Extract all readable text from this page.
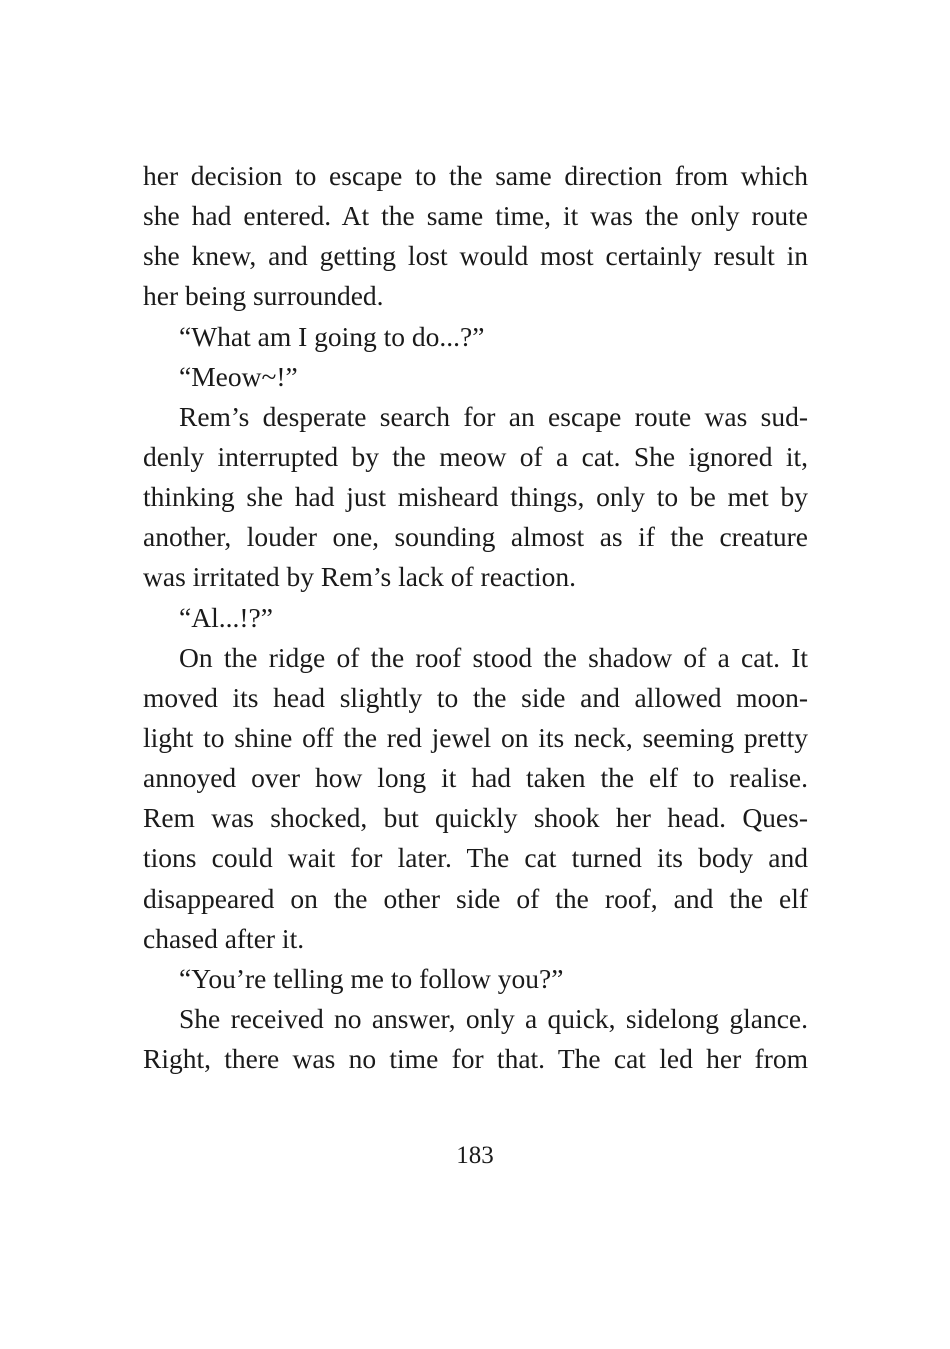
her decision to escape to the same direction from which
she had entered. At the same time, it was the only route
she knew, and getting lost would most certainly result in
her being surrounded.
“What am I going to do...?”
“Meow~!”
Rem’s desperate search for an escape route was sud-
denly interrupted by the meow of a cat. She ignored it,
thinking she had just misheard things, only to be met by
another, louder one, sounding almost as if the creature
was irritated by Rem’s lack of reaction.
“Al...!?”
On the ridge of the roof stood the shadow of a cat. It
moved its head slightly to the side and allowed moon-
light to shine off the red jewel on its neck, seeming pretty
annoyed over how long it had taken the elf to realise.
Rem was shocked, but quickly shook her head. Ques-
tions could wait for later. The cat turned its body and
disappeared on the other side of the roof, and the elf
chased after it.
“You’re telling me to follow you?”
She received no answer, only a quick, sidelong glance.
Right, there was no time for that. The cat led her from
183
